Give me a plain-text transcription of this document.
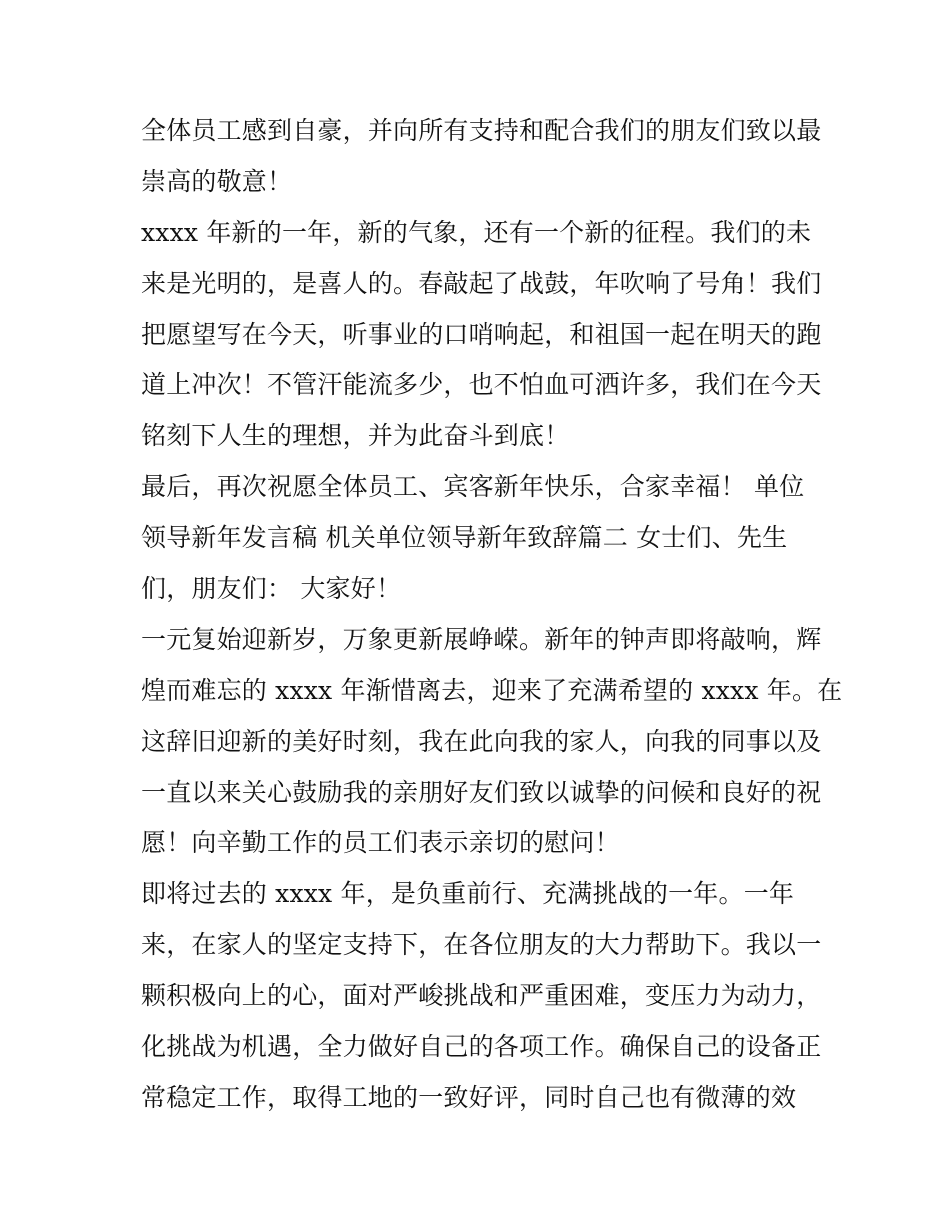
全体员工感到自豪，并向所有支持和配合我们的朋友们致以最
崇高的敬意！
xxxx 年新的一年，新的气象，还有一个新的征程。我们的未
来是光明的，是喜人的。春敲起了战鼓，年吹响了号角！我们
把愿望写在今天，听事业的口哨响起，和祖国一起在明天的跑
道上冲次！不管汗能流多少，也不怕血可洒许多，我们在今天
铭刻下人生的理想，并为此奋斗到底！
最后，再次祝愿全体员工、宾客新年快乐，合家幸福！ 单位
领导新年发言稿 机关单位领导新年致辞篇二 女士们、先生
们，朋友们： 大家好！
一元复始迎新岁，万象更新展峥嵘。新年的钟声即将敲响，辉
煌而难忘的 xxxx 年渐惜离去，迎来了充满希望的 xxxx 年。在
这辞旧迎新的美好时刻，我在此向我的家人，向我的同事以及
一直以来关心鼓励我的亲朋好友们致以诚挚的问候和良好的祝
愿！向辛勤工作的员工们表示亲切的慰问！
即将过去的 xxxx 年，是负重前行、充满挑战的一年。一年
来，在家人的坚定支持下，在各位朋友的大力帮助下。我以一
颗积极向上的心，面对严峻挑战和严重困难，变压力为动力，
化挑战为机遇，全力做好自己的各项工作。确保自己的设备正
常稳定工作，取得工地的一致好评，同时自己也有微薄的效
